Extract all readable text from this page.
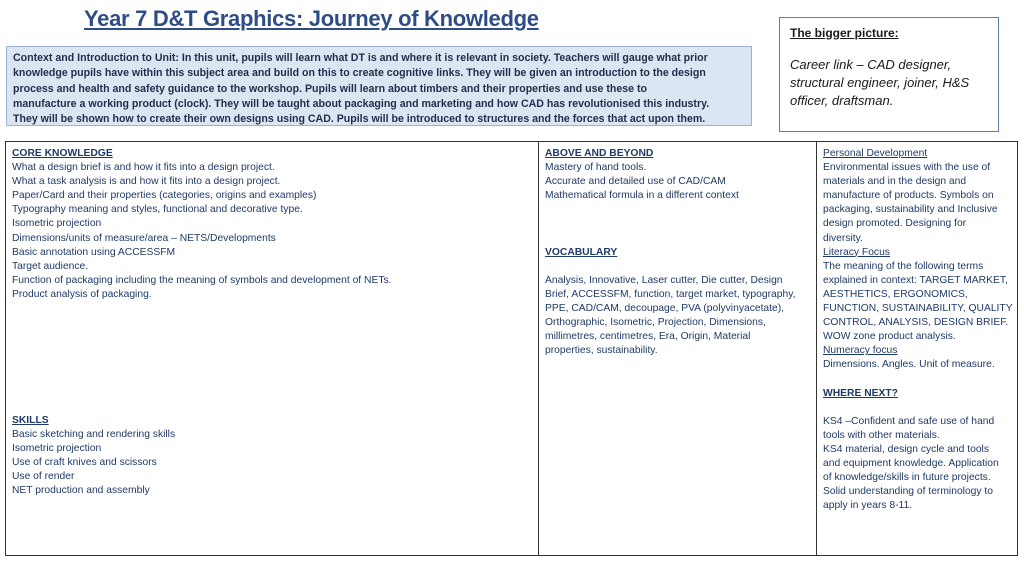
Year 7 D&T Graphics: Journey of Knowledge
Context and Introduction to Unit: In this unit, pupils will learn what DT is and where it is relevant in society. Teachers will gauge what prior
knowledge pupils have within this subject area and build on this to create cognitive links. They will be given an introduction to the design
process and health and safety guidance to the workshop. Pupils will learn about timbers and their properties and use these to
manufacture a working product (clock). They will be taught about packaging and marketing and how CAD has revolutionised this industry.
They will be shown how to create their own designs using CAD. Pupils will be introduced to structures and the forces that act upon them.
The bigger picture:
Career link – CAD designer, structural engineer, joiner, H&S officer, draftsman.
CORE KNOWLEDGE
What a design brief is and how it fits into a design project.
What a task analysis is and how it fits into a design project.
Paper/Card and their properties (categories, origins and examples)
Typography meaning and styles, functional and decorative type.
Isometric projection
Dimensions/units of measure/area – NETS/Developments
Basic annotation using ACCESSFM
Target audience.
Function of packaging including the meaning of symbols and development of NETs.
Product analysis of packaging.
SKILLS
Basic sketching and rendering skills
Isometric projection
Use of craft knives and scissors
Use of render
NET production and assembly
ABOVE AND BEYOND
Mastery of hand tools.
Accurate and detailed use of CAD/CAM
Mathematical formula in a different context
VOCABULARY
Analysis, Innovative, Laser cutter, Die cutter, Design
Brief, ACCESSFM, function, target market, typography,
PPE, CAD/CAM, decoupage, PVA (polyvinyacetate),
Orthographic, Isometric, Projection, Dimensions,
millimetres, centimetres, Era, Origin, Material
properties, sustainability.
Personal Development
Environmental issues with the use of
materials and in the design and
manufacture of products. Symbols on
packaging, sustainability and Inclusive
design promoted. Designing for
diversity.
Literacy Focus
The meaning of the following terms
explained in context: TARGET MARKET,
AESTHETICS, ERGONOMICS,
FUNCTION, SUSTAINABILITY, QUALITY
CONTROL, ANALYSIS, DESIGN BRIEF.
WOW zone product analysis.
Numeracy focus
Dimensions. Angles. Unit of measure.
WHERE NEXT?
KS4 –Confident and safe use of hand
tools with other materials.
KS4 material, design cycle and tools
and equipment knowledge. Application
of knowledge/skills in future projects.
Solid understanding of terminology to
apply in years 8-11.
